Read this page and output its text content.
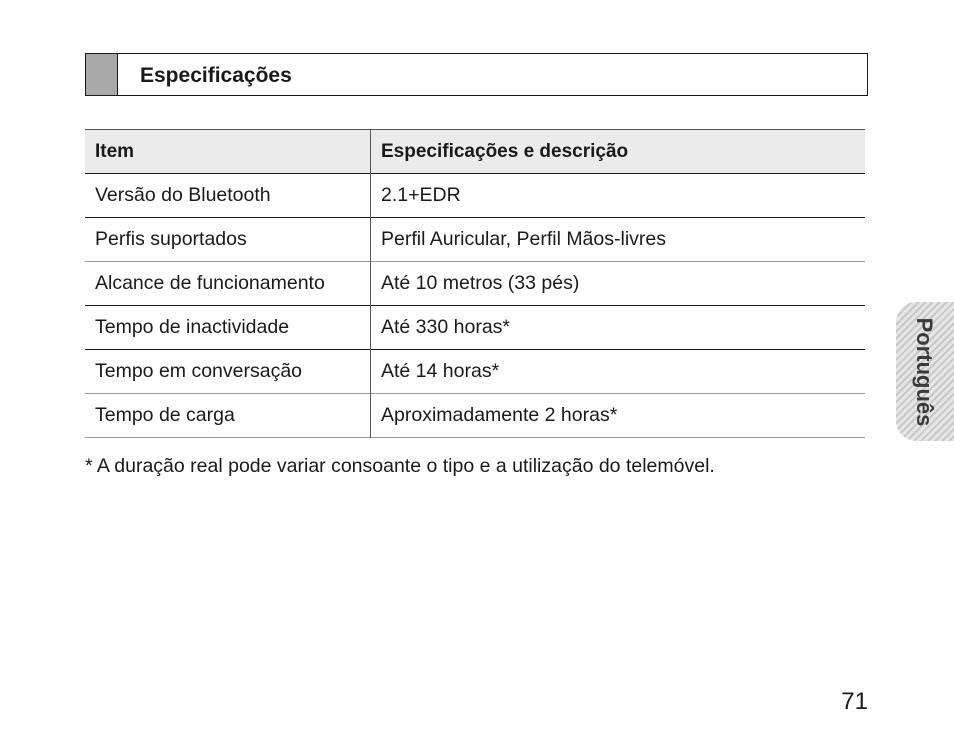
Especificações
Item	Especificações e descrição
Versão do Bluetooth	2.1+EDR
Perfis suportados	Perfil Auricular, Perfil Mãos-livres
Alcance de funcionamento	Até 10 metros (33 pés)
Tempo de inactividade	Até 330 horas*
Tempo em conversação	Até 14 horas*
Tempo de carga	Aproximadamente 2 horas*
* A duração real pode variar consoante o tipo e a utilização do telemóvel.
Português
71
